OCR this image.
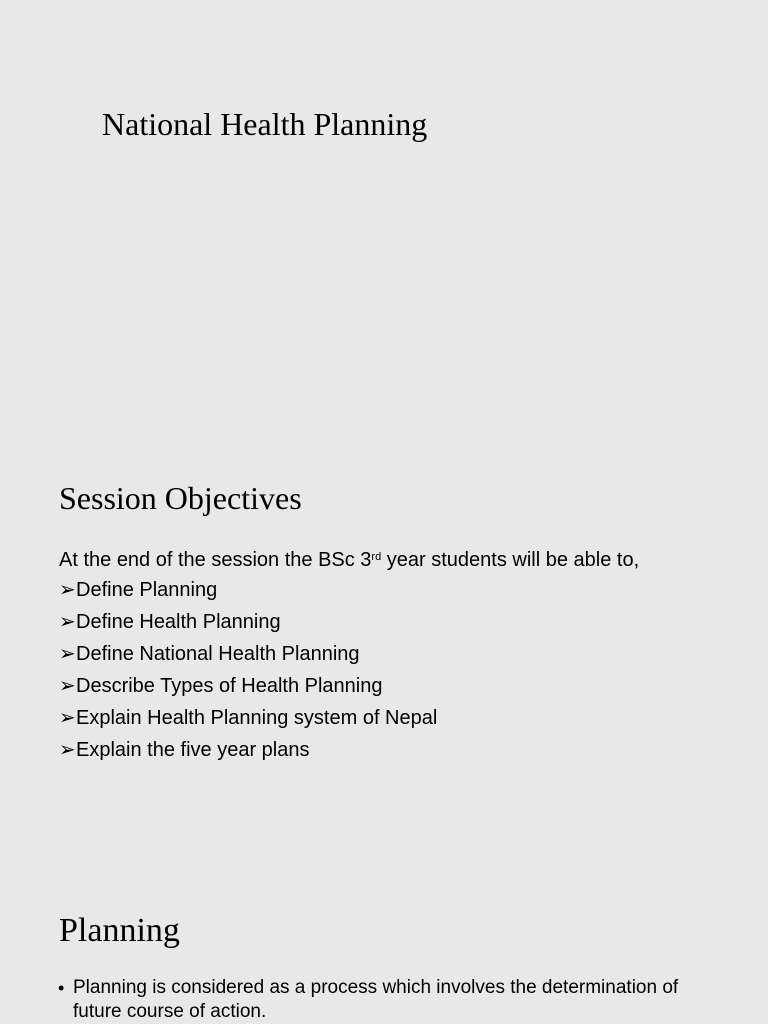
National Health Planning
Session Objectives

At the end of the session the BSc 3rd year students will be able to,

➢Define Planning
➢Define Health Planning
➢Define National Health Planning
➢Describe Types of Health Planning
➢Explain Health Planning system of Nepal
➢Explain the five year plans
Planning
• Planning is considered as a process which involves the determination of future course of action.
